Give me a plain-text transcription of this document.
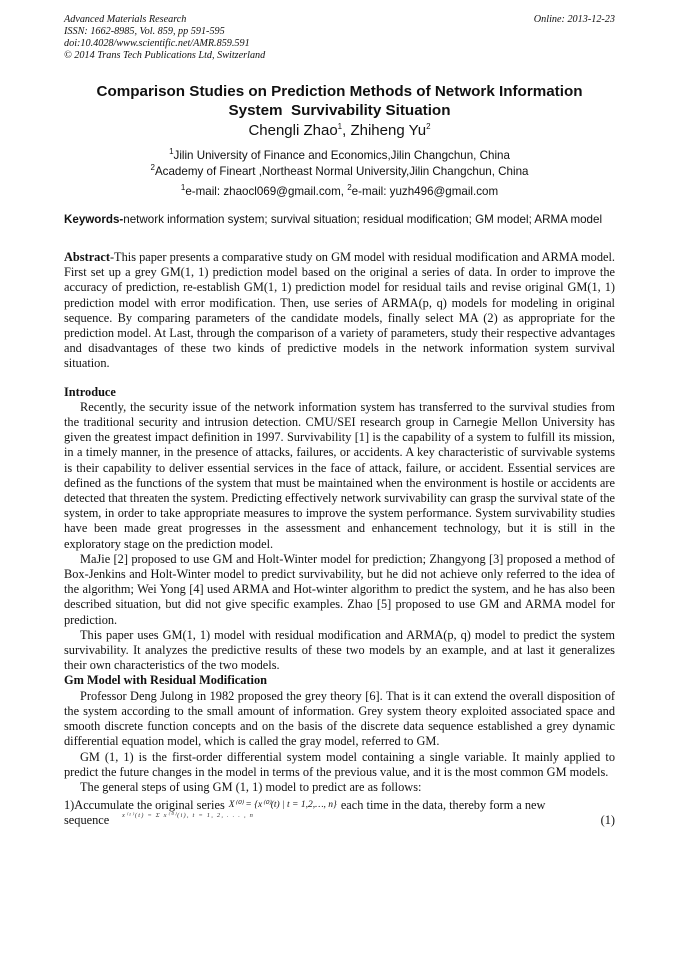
Advanced Materials Research
ISSN: 1662-8985, Vol. 859, pp 591-595
doi:10.4028/www.scientific.net/AMR.859.591
© 2014 Trans Tech Publications Ltd, Switzerland
Online: 2013-12-23
Comparison Studies on Prediction Methods of Network Information
System  Survivability Situation
Chengli Zhao$^1$, Zhiheng Yu$^2$
$^1$Jilin University of Finance and Economics,Jilin Changchun, China
$^2$Academy of Fineart ,Northeast Normal University,Jilin Changchun, China
$^1$e-mail: zhaocl069@gmail.com, $^2$e-mail: yuzh496@gmail.com
Keywords-network information system; survival situation; residual modification; GM model; ARMA model

Abstract-This paper presents a comparative study on GM model with residual modification and ARMA model. First set up a grey GM(1, 1) prediction model based on the original a series of data. In order to improve the accuracy of prediction, re-establish GM(1, 1) prediction model for residual tails and revise original GM(1, 1) prediction model with error modification. Then, use series of ARMA(p, q) models for modeling in original sequence. By comparing parameters of the candidate models, finally select MA (2) as appropriate for the prediction model. At Last, through the comparison of a variety of parameters, study their respective advantages and disadvantages of these two kinds of predictive models in the network information system survival situation.

Introduce

Recently, the security issue of the network information system has transferred to the survival studies from the traditional security and intrusion detection. CMU/SEI research group in Carnegie Mellon University has given the greatest impact definition in 1997. Survivability [1] is the capability of a system to fulfill its mission, in a timely manner, in the presence of attacks, failures, or accidents. A key characteristic of survivable systems is their capability to deliver essential services in the face of attack, failure, or accident. Essential services are defined as the functions of the system that must be maintained when the environment is hostile or accidents are detected that threaten the system. Predicting effectively network survivability can grasp the survival state of the system, in order to take appropriate measures to improve the system performance. System survivability studies have been made great progresses in the assessment and enhancement technology, but it is still in the exploratory stage on the prediction model.

MaJie [2] proposed to use GM and Holt-Winter model for prediction; Zhangyong [3] proposed a method of Box-Jenkins and Holt-Winter model to predict survivability, but he did not achieve only referred to the idea of the algorithm; Wei Yong [4] used ARMA and Hot-winter algorithm to predict the system, and he has also been described situation, but did not give specific examples. Zhao [5] proposed to use GM and ARMA model for prediction.

This paper uses GM(1, 1) model with residual modification and ARMA(p, q) model to predict the system survivability. It analyzes the predictive results of these two models by an example, and at last it generalizes their own characteristics of the two models.

Gm Model with Residual Modification

Professor Deng Julong in 1982 proposed the grey theory [6]. That is it can extend the overall disposition of the system according to the small amount of information. Grey system theory exploited associated space and smooth discrete function concepts and on the basis of the discrete data sequence established a grey dynamic differential equation model, which is called the gray model, referred to GM.

GM (1, 1) is the first-order differential system model containing a single variable. It mainly applied to predict the future changes in the model in terms of the previous value, and it is the most common GM models.

The general steps of using GM (1, 1) model to predict are as follows:

1)Accumulate the original series X⁽⁰⁾ = {x⁽⁰⁾(t) | t = 1,2,…, n} each time in the data, thereby form a new

sequence x⁽¹⁾(t) = Σ x⁽⁰⁾(i), t = 1, 2, . . . , n	(1)
